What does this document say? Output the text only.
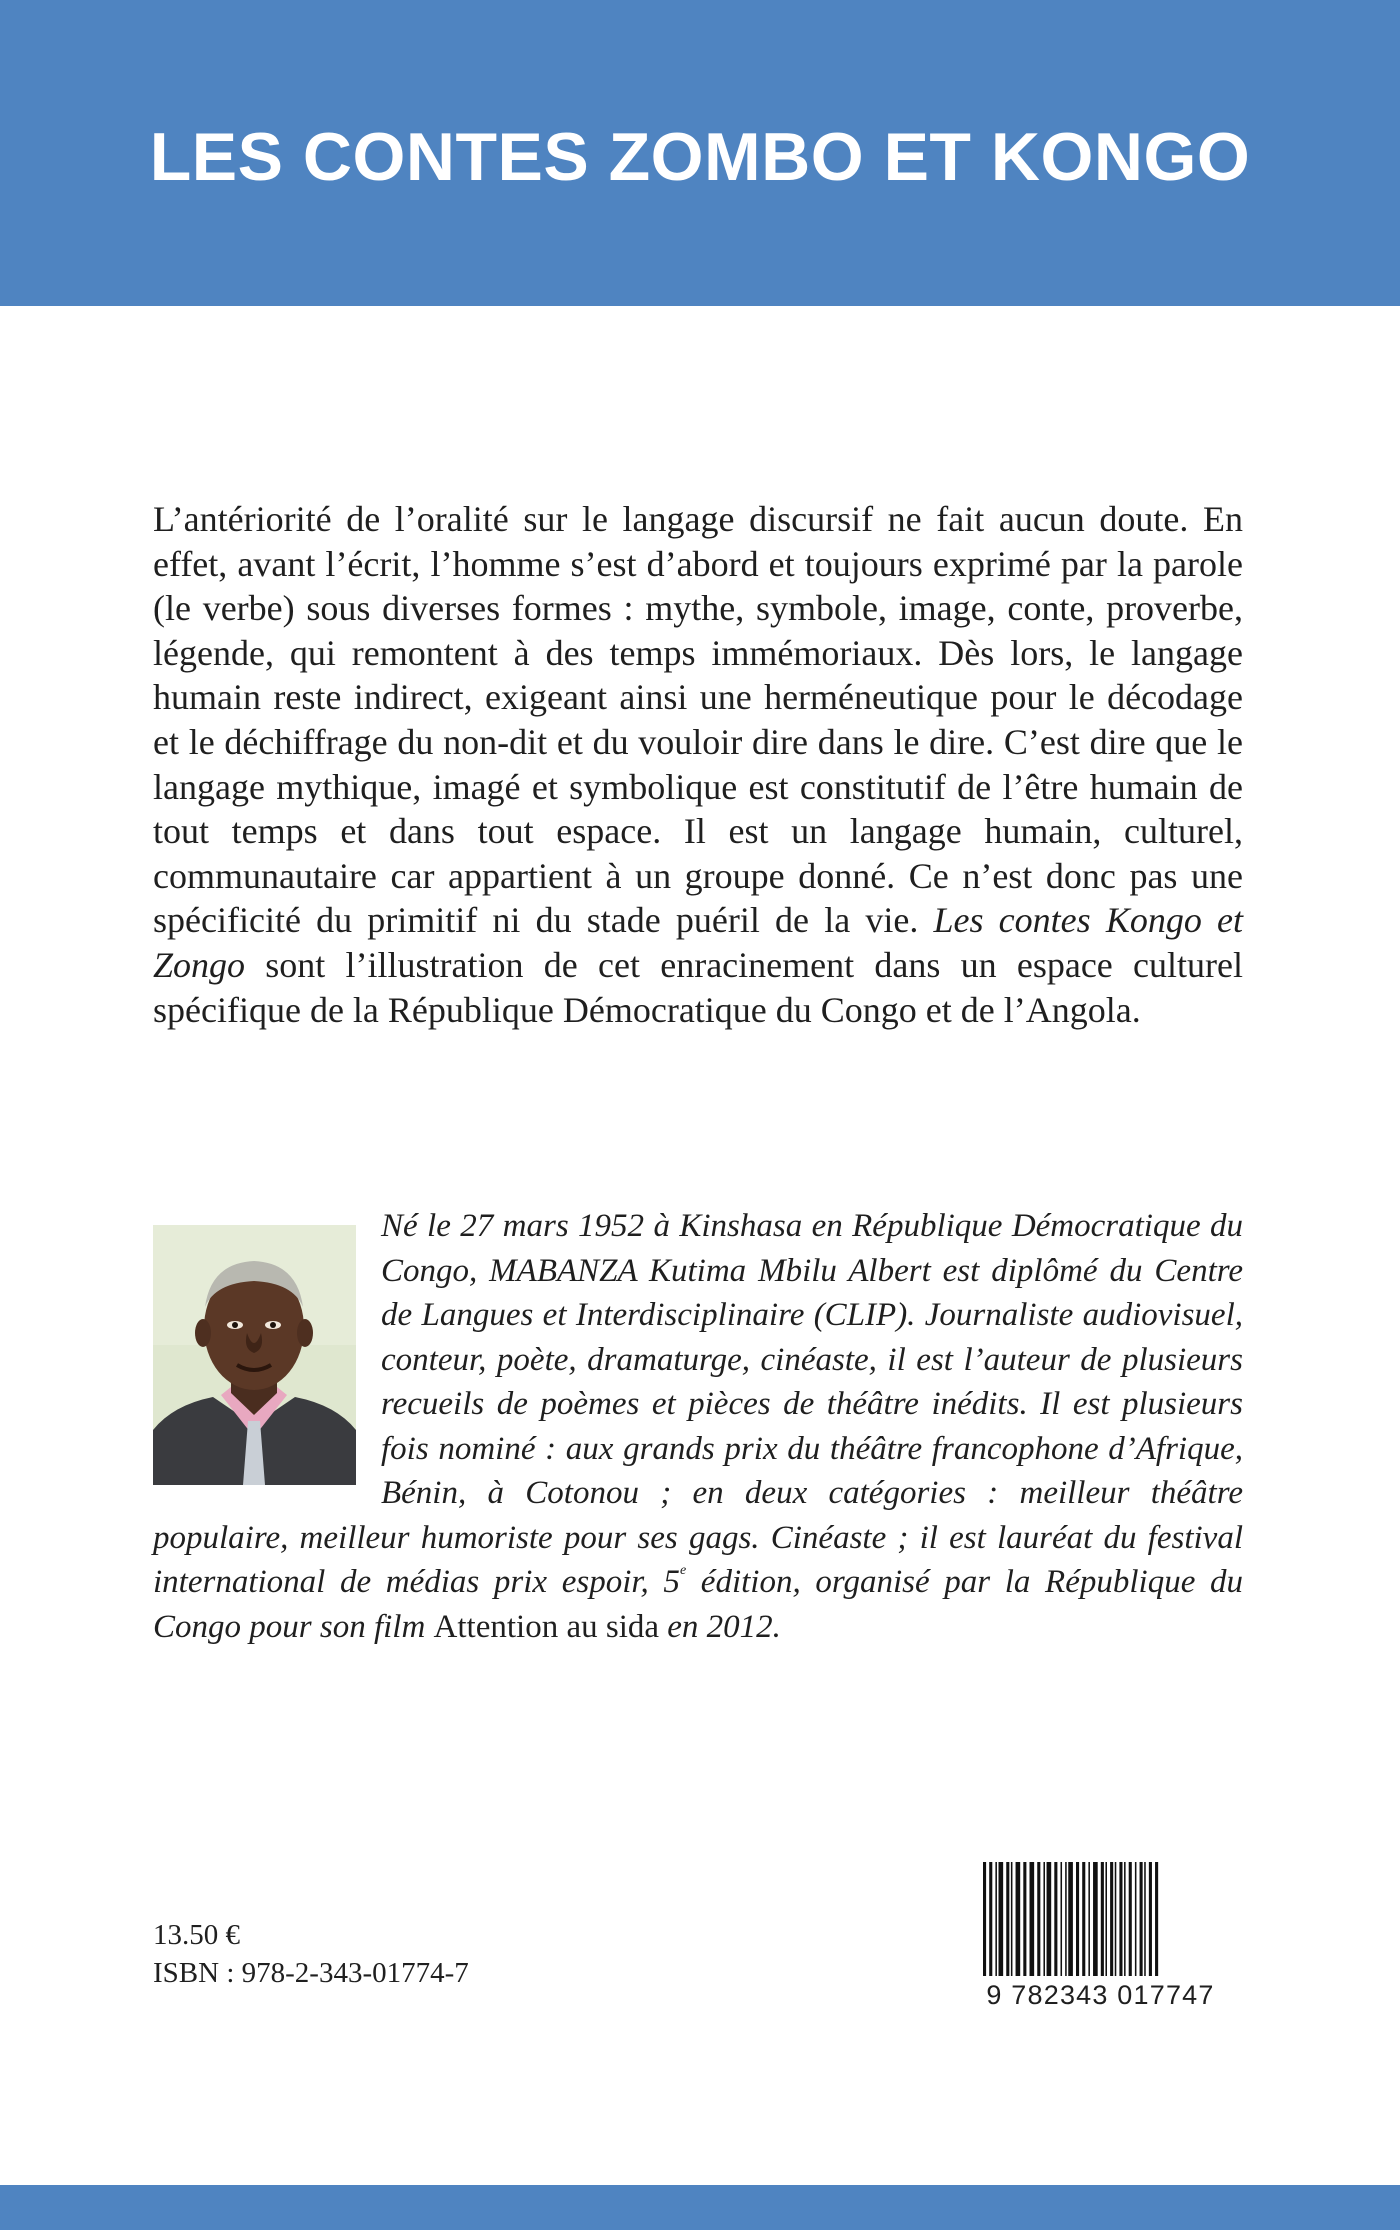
LES CONTES ZOMBO ET KONGO

L’antériorité de l’oralité sur le langage discursif ne fait aucun doute. En effet, avant l’écrit, l’homme s’est d’abord et toujours exprimé par la parole (le verbe) sous diverses formes : mythe, symbole, image, conte, proverbe, légende, qui remontent à des temps immémoriaux. Dès lors, le langage humain reste indirect, exigeant ainsi une herméneutique pour le décodage et le déchiffrage du non-dit et du vouloir dire dans le dire. C’est dire que le langage mythique, imagé et symbolique est constitutif de l’être humain de tout temps et dans tout espace. Il est un langage humain, culturel, communautaire car appartient à un groupe donné. Ce n’est donc pas une spécificité du primitif ni du stade puéril de la vie. Les contes Kongo et Zongo sont l’illustration de cet enracinement dans un espace culturel spécifique de la République Démocratique du Congo et de l’Angola.

Né le 27 mars 1952 à Kinshasa en République Démocratique du Congo, MABANZA Kutima Mbilu Albert est diplômé du Centre de Langues et Interdisciplinaire (CLIP). Journaliste audiovisuel, conteur, poète, dramaturge, cinéaste, il est l’auteur de plusieurs recueils de poèmes et pièces de théâtre inédits. Il est plusieurs fois nominé : aux grands prix du théâtre francophone d’Afrique, Bénin, à Cotonou ; en deux catégories : meilleur théâtre populaire, meilleur humoriste pour ses gags. Cinéaste ; il est lauréat du festival international de médias prix espoir, 5e édition, organisé par la République du Congo pour son film Attention au sida en 2012.

13.50 €
ISBN : 978-2-343-01774-7
9 782343 017747
